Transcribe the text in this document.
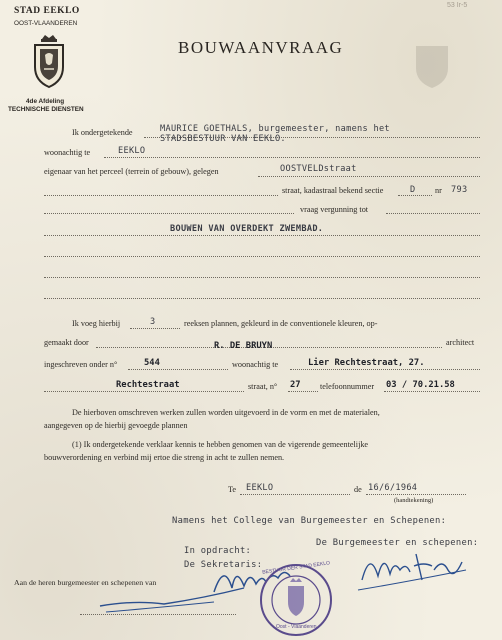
STAD EEKLO
OOST-VLAANDEREN
4de Afdeling
TECHNISCHE DIENSTEN
BOUWAANVRAAG
53 Ir-5
Ik ondergetekende	MAURICE GOETHALS, burgemeester, namens het
STADSBESTUUR VAN EEKLO.
woonachtig te	EEKLO
eigenaar van het perceel (terrein of gebouw), gelegen	OOSTVELDstraat
straat, kadastraal bekend sectie	D nr 793
vraag vergunning tot
BOUWEN VAN OVERDEKT ZWEMBAD.
Ik voeg hierbij	3	reeksen plannen, gekleurd in de conventionele kleuren, op-
gemaakt door	R. DE BRUYN	architect
ingeschreven onder n°	544	woonachtig te	Lier Rechtestraat, 27.
Rechtestraat	straat, n° 27 telefoonnummer 03 / 70.21.58
De hierboven omschreven werken zullen worden uitgevoerd in de vorm en met de materialen,
aangegeven op de hierbij gevoegde plannen
(1) Ik ondergetekende verklaar kennis te hebben genomen van de vigerende gemeentelijke
bouwverordening en verbind mij ertoe die streng in acht te zullen nemen.
Te EEKLO	de 16/6/1964
(handtekening)
Namens het College van Burgemeester en Schepenen:
In opdracht:
De Sekretaris:
De Burgemeester en schepenen:
Aan de heren burgemeester en schepenen van
BESTUUR DER STAD EEKLO
Oost - Vlaanderen
